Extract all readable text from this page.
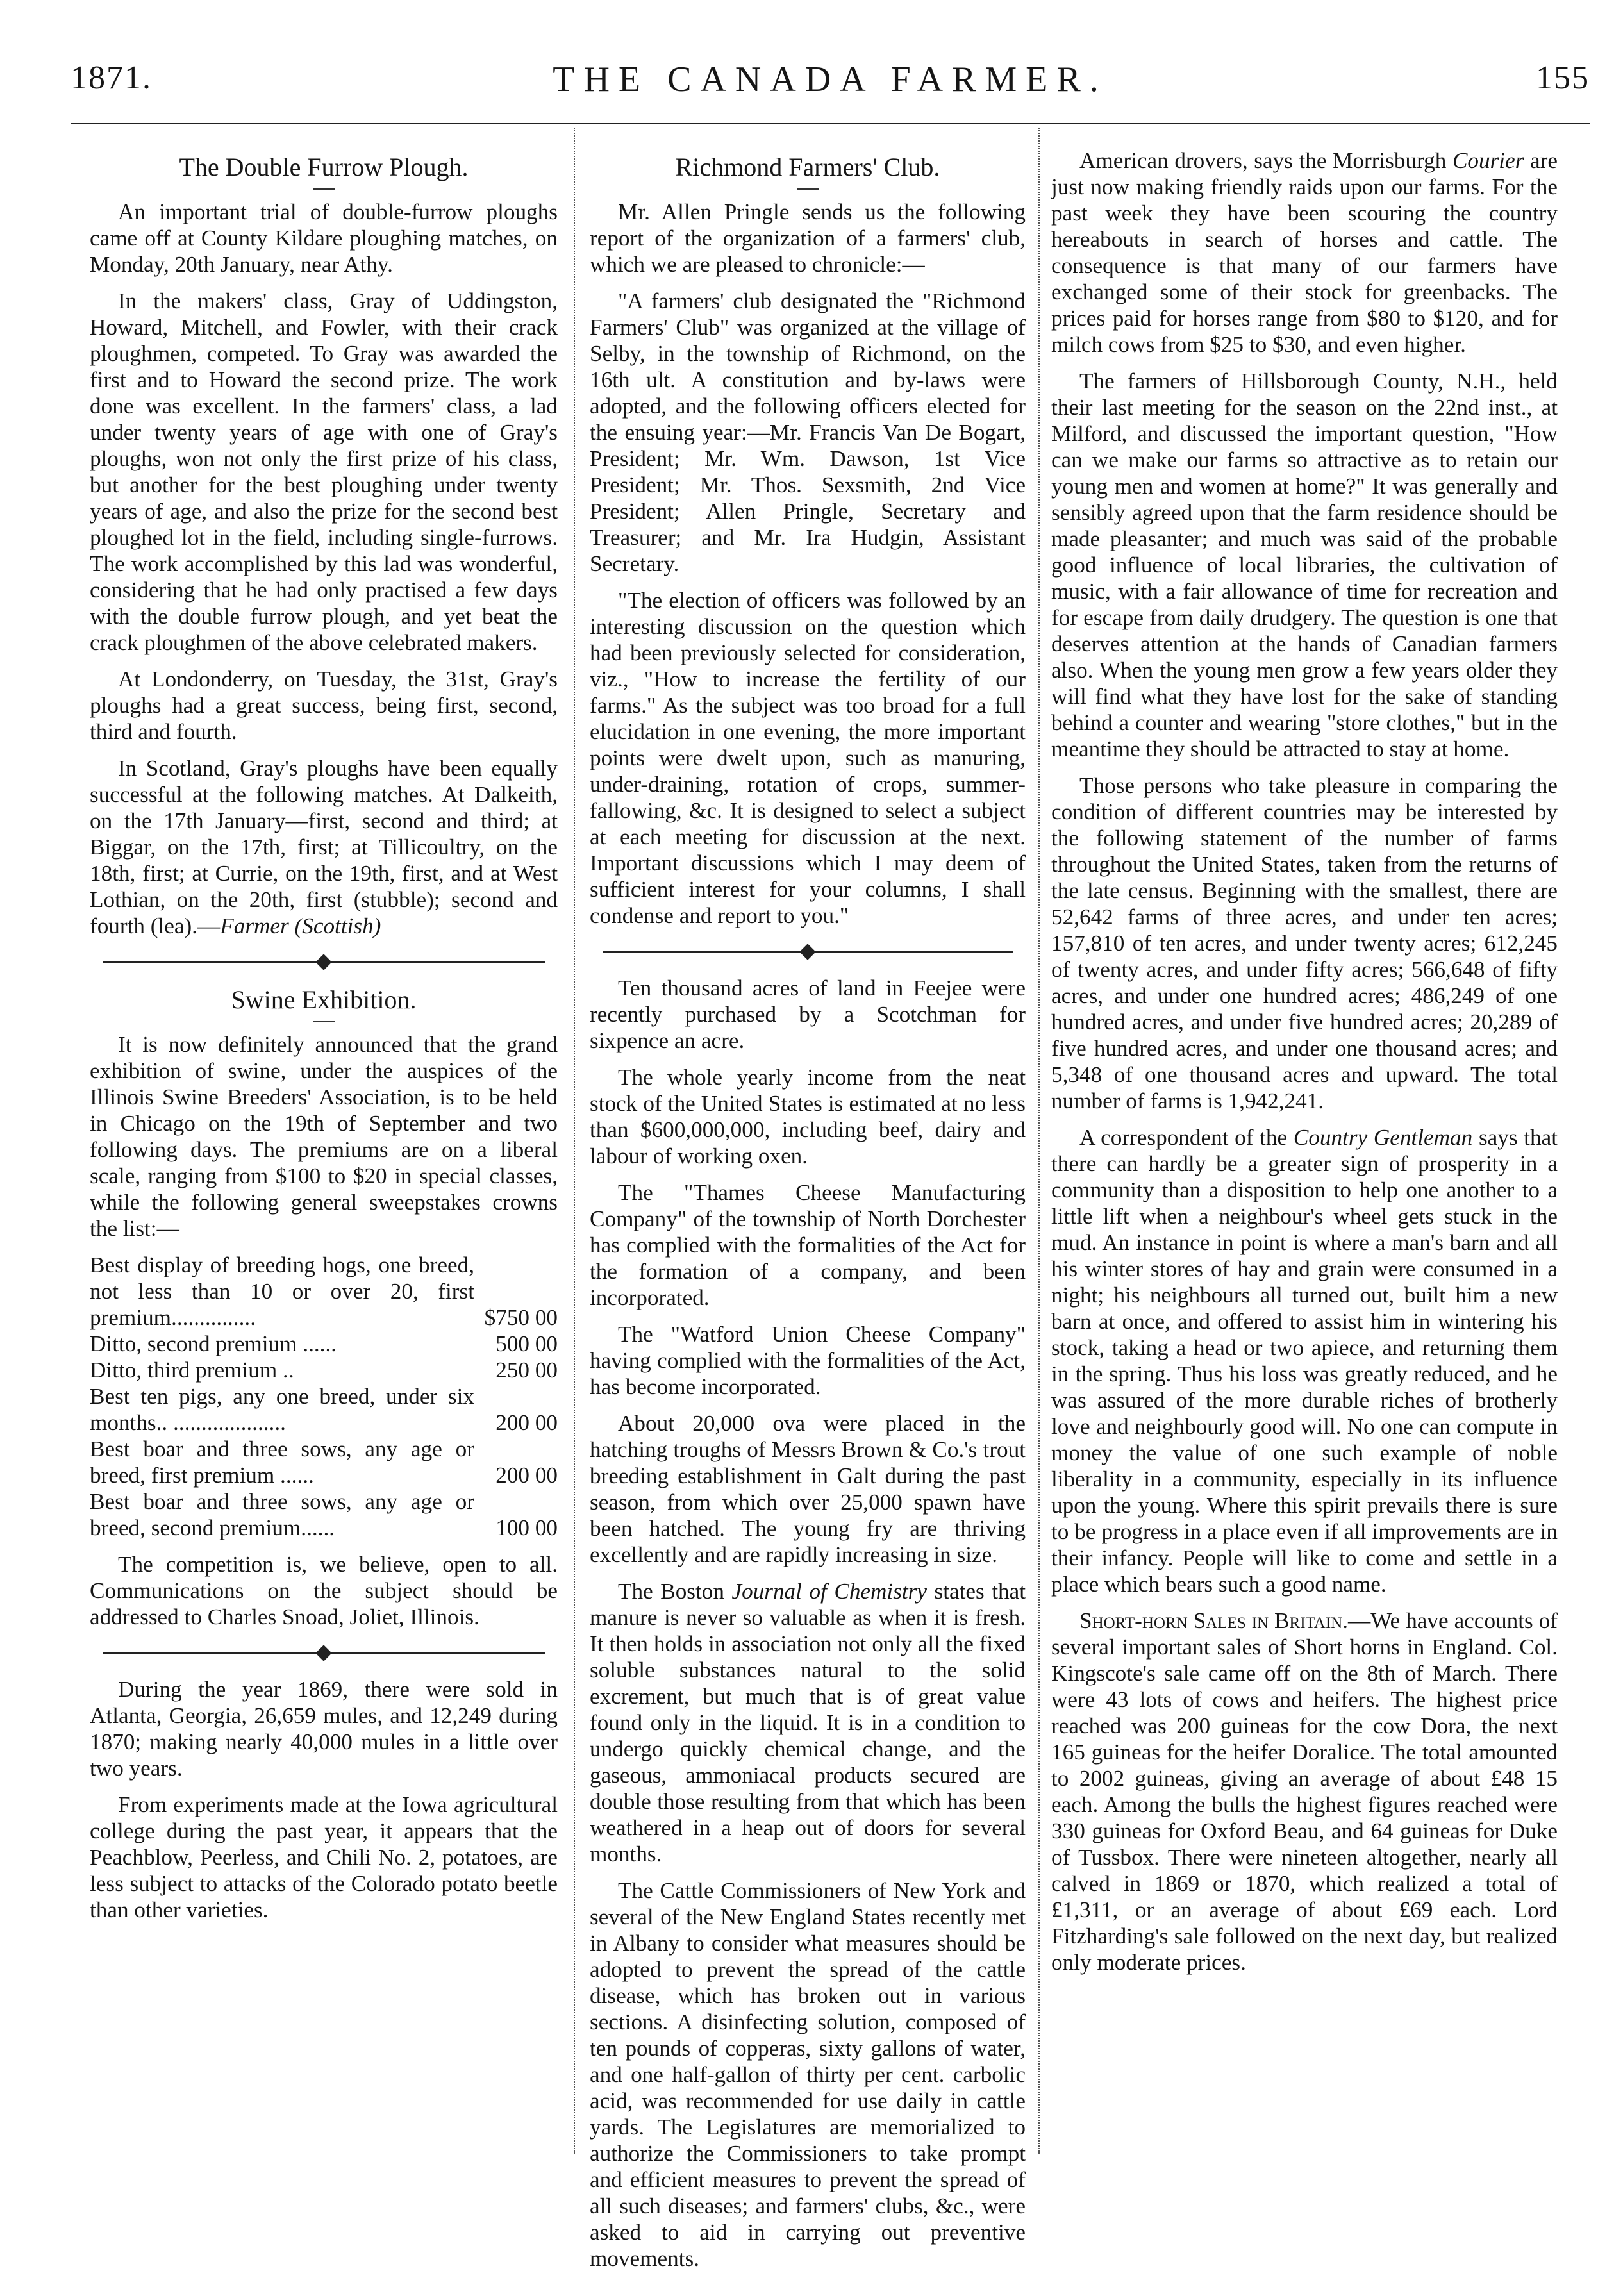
1871.	THE CANADA FARMER.	155
The Double Furrow Plough.

An important trial of double-furrow ploughs came off at County Kildare ploughing matches, on Monday, 20th January, near Athy.

In the makers' class, Gray of Uddingston, Howard, Mitchell, and Fowler, with their crack ploughmen, competed. To Gray was awarded the first and to Howard the second prize. The work done was excellent. In the farmers' class, a lad under twenty years of age with one of Gray's ploughs, won not only the first prize of his class, but another for the best ploughing under twenty years of age, and also the prize for the second best ploughed lot in the field, including single-furrows. The work accomplished by this lad was wonderful, considering that he had only practised a few days with the double furrow plough, and yet beat the crack ploughmen of the above celebrated makers.

At Londonderry, on Tuesday, the 31st, Gray's ploughs had a great success, being first, second, third and fourth.

In Scotland, Gray's ploughs have been equally successful at the following matches. At Dalkeith, on the 17th January—first, second and third; at Biggar, on the 17th, first; at Tillicoultry, on the 18th, first; at Currie, on the 19th, first, and at West Lothian, on the 20th, first (stubble); second and fourth (lea).—Farmer (Scottish)

Swine Exhibition.

It is now definitely announced that the grand exhibition of swine, under the auspices of the Illinois Swine Breeders' Association, is to be held in Chicago on the 19th of September and two following days. The premiums are on a liberal scale, ranging from $100 to $20 in special classes, while the following general sweepstakes crowns the list:—

Best display of breeding hogs, one breed, not less than 10 or over 20, first premium...............	$750 00
Ditto, second premium ......	500 00
Ditto, third premium ..	250 00
Best ten pigs, any one breed, under six months.. ....................	200 00
Best boar and three sows, any age or breed, first premium ......	200 00
Best boar and three sows, any age or breed, second premium......	100 00

The competition is, we believe, open to all. Communications on the subject should be addressed to Charles Snoad, Joliet, Illinois.

During the year 1869, there were sold in Atlanta, Georgia, 26,659 mules, and 12,249 during 1870; making nearly 40,000 mules in a little over two years.

From experiments made at the Iowa agricultural college during the past year, it appears that the Peachblow, Peerless, and Chili No. 2, potatoes, are less subject to attacks of the Colorado potato beetle than other varieties.

Richmond Farmers' Club.

Mr. Allen Pringle sends us the following report of the organization of a farmers' club, which we are pleased to chronicle:—

"A farmers' club designated the "Richmond Farmers' Club" was organized at the village of Selby, in the township of Richmond, on the 16th ult. A constitution and by-laws were adopted, and the following officers elected for the ensuing year:—Mr. Francis Van De Bogart, President; Mr. Wm. Dawson, 1st Vice President; Mr. Thos. Sexsmith, 2nd Vice President; Allen Pringle, Secretary and Treasurer; and Mr. Ira Hudgin, Assistant Secretary.

"The election of officers was followed by an interesting discussion on the question which had been previously selected for consideration, viz., "How to increase the fertility of our farms." As the subject was too broad for a full elucidation in one evening, the more important points were dwelt upon, such as manuring, under-draining, rotation of crops, summer-fallowing, &c. It is designed to select a subject at each meeting for discussion at the next. Important discussions which I may deem of sufficient interest for your columns, I shall condense and report to you."

Ten thousand acres of land in Feejee were recently purchased by a Scotchman for sixpence an acre.

The whole yearly income from the neat stock of the United States is estimated at no less than $600,000,000, including beef, dairy and labour of working oxen.

The "Thames Cheese Manufacturing Company" of the township of North Dorchester has complied with the formalities of the Act for the formation of a company, and been incorporated.

The "Watford Union Cheese Company" having complied with the formalities of the Act, has become incorporated.

About 20,000 ova were placed in the hatching troughs of Messrs Brown & Co.'s trout breeding establishment in Galt during the past season, from which over 25,000 spawn have been hatched. The young fry are thriving excellently and are rapidly increasing in size.

The Boston Journal of Chemistry states that manure is never so valuable as when it is fresh. It then holds in association not only all the fixed soluble substances natural to the solid excrement, but much that is of great value found only in the liquid. It is in a condition to undergo quickly chemical change, and the gaseous, ammoniacal products secured are double those resulting from that which has been weathered in a heap out of doors for several months.

The Cattle Commissioners of New York and several of the New England States recently met in Albany to consider what measures should be adopted to prevent the spread of the cattle disease, which has broken out in various sections. A disinfecting solution, composed of ten pounds of copperas, sixty gallons of water, and one half-gallon of thirty per cent. carbolic acid, was recommended for use daily in cattle yards. The Legislatures are memorialized to authorize the Commissioners to take prompt and efficient measures to prevent the spread of all such diseases; and farmers' clubs, &c., were asked to aid in carrying out preventive movements.

American drovers, says the Morrisburgh Courier are just now making friendly raids upon our farms. For the past week they have been scouring the country hereabouts in search of horses and cattle. The consequence is that many of our farmers have exchanged some of their stock for greenbacks. The prices paid for horses range from $80 to $120, and for milch cows from $25 to $30, and even higher.

The farmers of Hillsborough County, N.H., held their last meeting for the season on the 22nd inst., at Milford, and discussed the important question, "How can we make our farms so attractive as to retain our young men and women at home?" It was generally and sensibly agreed upon that the farm residence should be made pleasanter; and much was said of the probable good influence of local libraries, the cultivation of music, with a fair allowance of time for recreation and for escape from daily drudgery. The question is one that deserves attention at the hands of Canadian farmers also. When the young men grow a few years older they will find what they have lost for the sake of standing behind a counter and wearing "store clothes," but in the meantime they should be attracted to stay at home.

Those persons who take pleasure in comparing the condition of different countries may be interested by the following statement of the number of farms throughout the United States, taken from the returns of the late census. Beginning with the smallest, there are 52,642 farms of three acres, and under ten acres; 157,810 of ten acres, and under twenty acres; 612,245 of twenty acres, and under fifty acres; 566,648 of fifty acres, and under one hundred acres; 486,249 of one hundred acres, and under five hundred acres; 20,289 of five hundred acres, and under one thousand acres; and 5,348 of one thousand acres and upward. The total number of farms is 1,942,241.

A correspondent of the Country Gentleman says that there can hardly be a greater sign of prosperity in a community than a disposition to help one another to a little lift when a neighbour's wheel gets stuck in the mud. An instance in point is where a man's barn and all his winter stores of hay and grain were consumed in a night; his neighbours all turned out, built him a new barn at once, and offered to assist him in wintering his stock, taking a head or two apiece, and returning them in the spring. Thus his loss was greatly reduced, and he was assured of the more durable riches of brotherly love and neighbourly good will. No one can compute in money the value of one such example of noble liberality in a community, especially in its influence upon the young. Where this spirit prevails there is sure to be progress in a place even if all improvements are in their infancy. People will like to come and settle in a place which bears such a good name.

Short-horn Sales in Britain.—We have accounts of several important sales of Short horns in England. Col. Kingscote's sale came off on the 8th of March. There were 43 lots of cows and heifers. The highest price reached was 200 guineas for the cow Dora, the next 165 guineas for the heifer Doralice. The total amounted to 2002 guineas, giving an average of about £48 15 each. Among the bulls the highest figures reached were 330 guineas for Oxford Beau, and 64 guineas for Duke of Tussbox. There were nineteen altogether, nearly all calved in 1869 or 1870, which realized a total of £1,311, or an average of about £69 each. Lord Fitzharding's sale followed on the next day, but realized only moderate prices.
